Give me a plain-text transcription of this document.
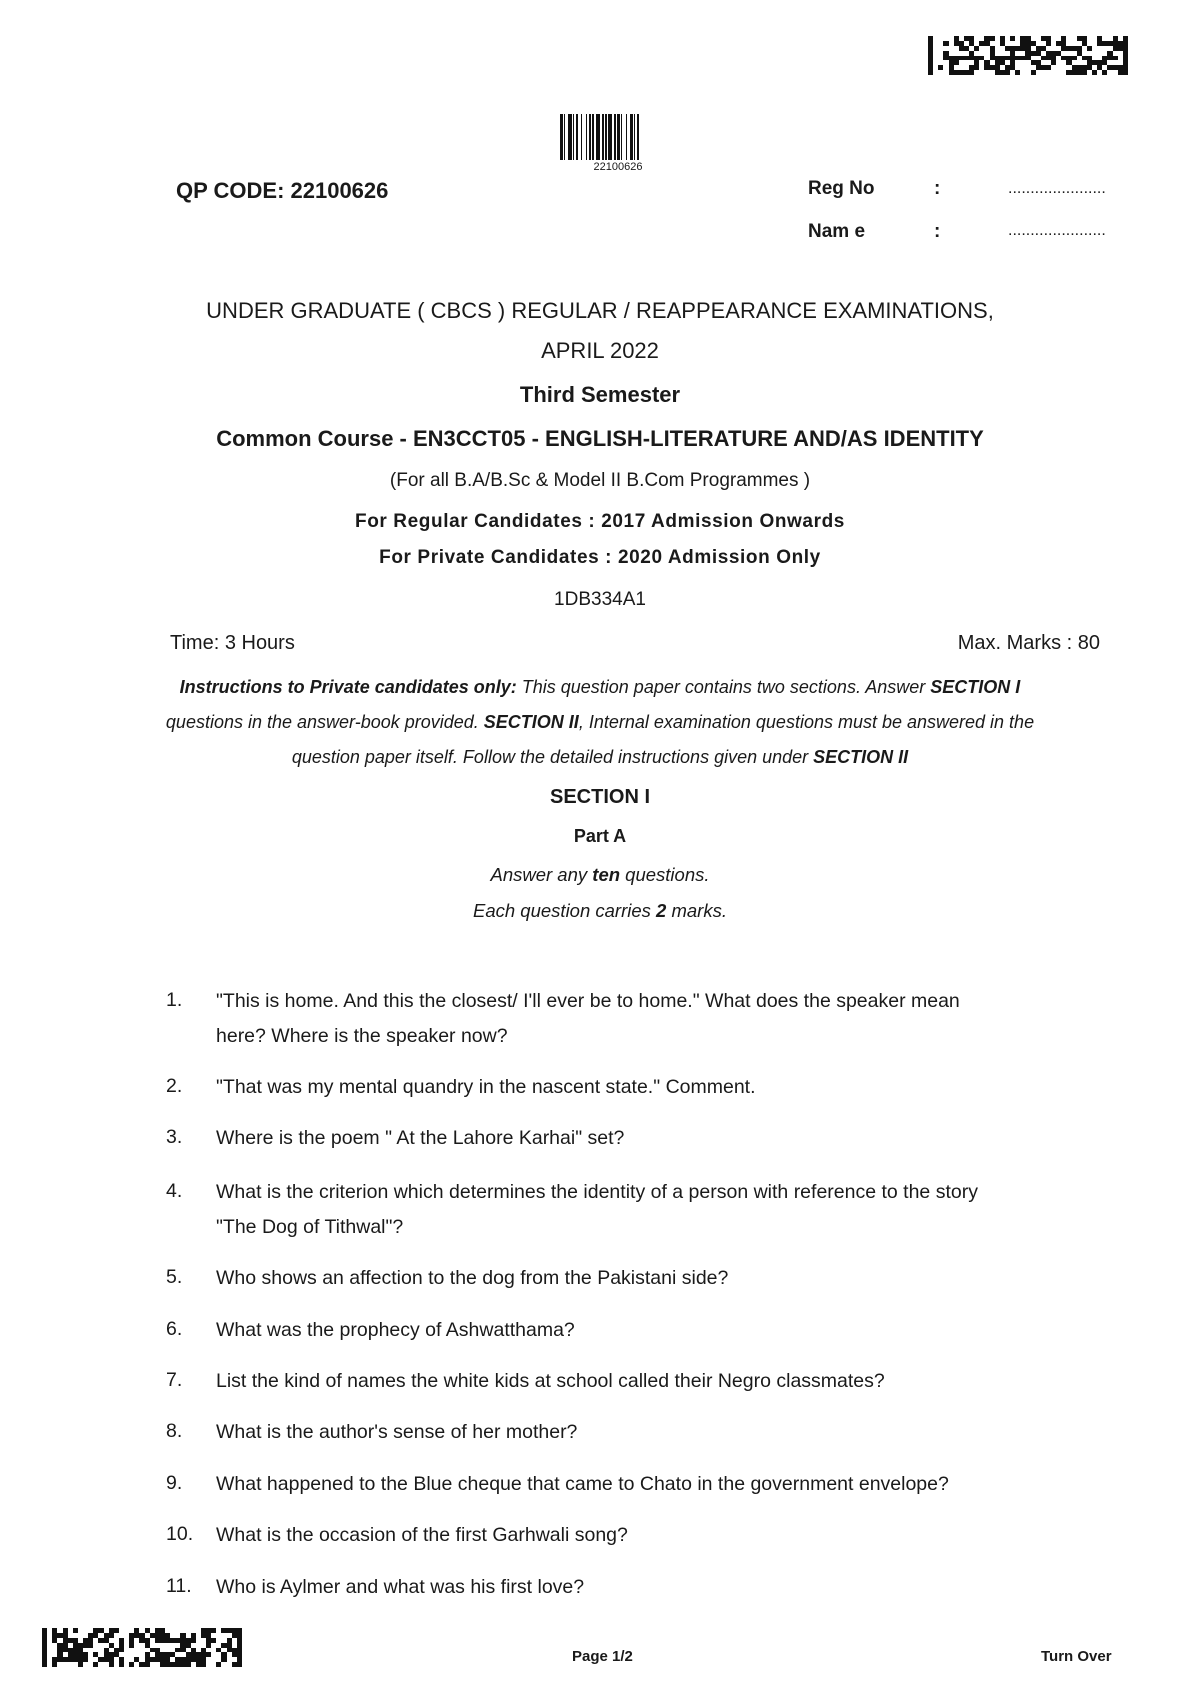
22100626
QP CODE: 22100626	Reg No	:	......................
Nam e	:	......................
UNDER GRADUATE ( CBCS ) REGULAR / REAPPEARANCE EXAMINATIONS,
APRIL 2022
Third Semester
Common Course - EN3CCT05 - ENGLISH-LITERATURE AND/AS IDENTITY
(For all B.A/B.Sc & Model II B.Com Programmes )
For Regular Candidates : 2017 Admission Onwards
For Private Candidates : 2020 Admission Only
1DB334A1
Time: 3 Hours	Max. Marks : 80
Instructions to Private candidates only: This question paper contains two sections. Answer SECTION I
questions in the answer-book provided. SECTION II, Internal examination questions must be answered in the
question paper itself. Follow the detailed instructions given under SECTION II
SECTION I
Part A
Answer any ten questions.
Each question carries 2 marks.
1. "This is home. And this the closest/ I'll ever be to home." What does the speaker mean
here? Where is the speaker now?
2. "That was my mental quandry in the nascent state." Comment.
3. Where is the poem " At the Lahore Karhai" set?
4. What is the criterion which determines the identity of a person with reference to the story
"The Dog of Tithwal"?
5. Who shows an affection to the dog from the Pakistani side?
6. What was the prophecy of Ashwatthama?
7. List the kind of names the white kids at school called their Negro classmates?
8. What is the author's sense of her mother?
9. What happened to the Blue cheque that came to Chato in the government envelope?
10. What is the occasion of the first Garhwali song?
11. Who is Aylmer and what was his first love?
Page 1/2	Turn Over
